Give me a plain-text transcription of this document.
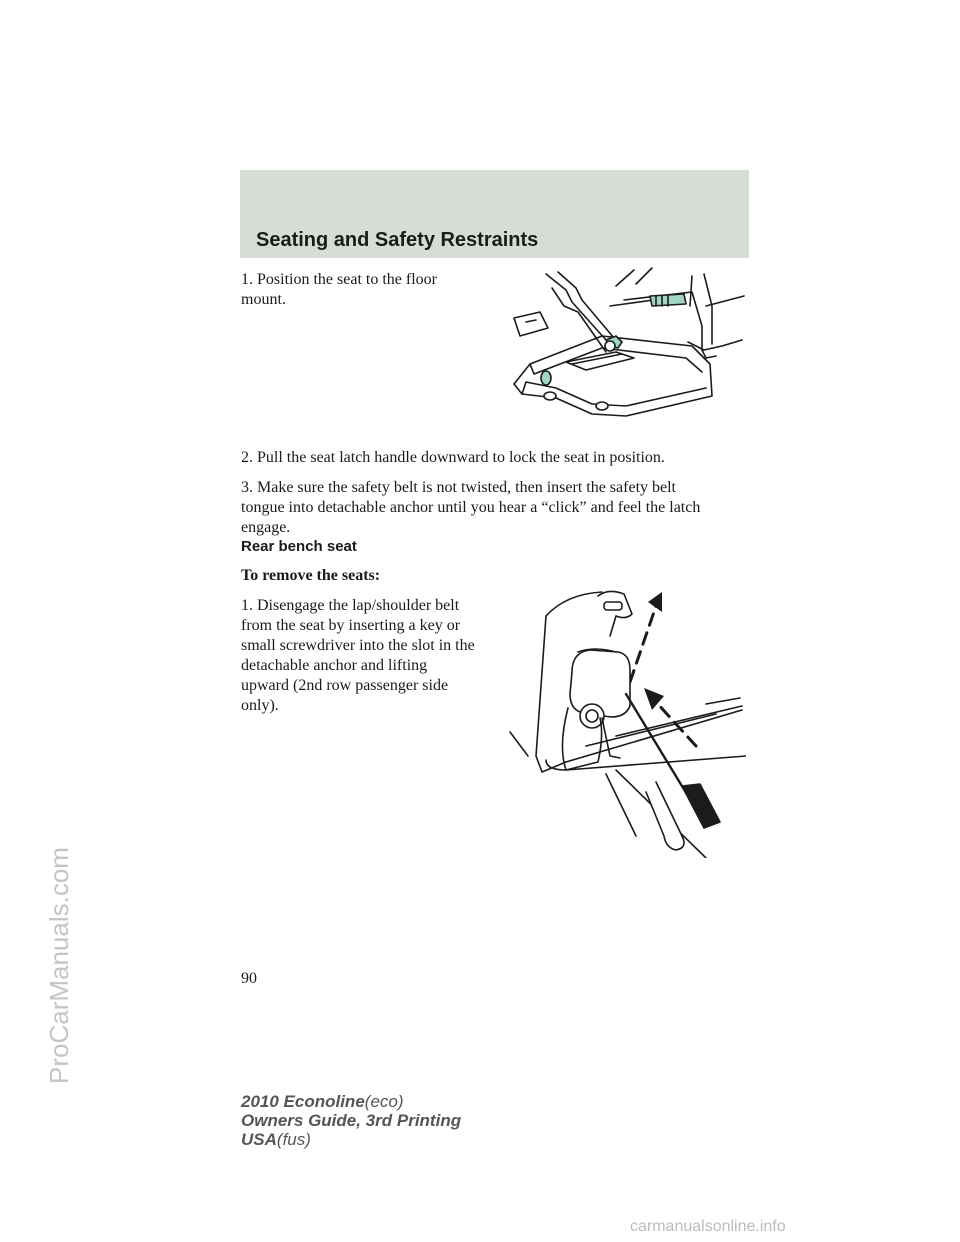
Seating and Safety Restraints

1. Position the seat to the floor
mount.

2. Pull the seat latch handle downward to lock the seat in position.

3. Make sure the safety belt is not twisted, then insert the safety belt
tongue into detachable anchor until you hear a “click” and feel the latch
engage.

Rear bench seat

To remove the seats:

1. Disengage the lap/shoulder belt
from the seat by inserting a key or
small screwdriver into the slot in the
detachable anchor and lifting
upward (2nd row passenger side
only).

90

2010 Econoline(eco)
Owners Guide, 3rd Printing
USA(fus)
ProCarManuals.com

carmanualsonline.info
